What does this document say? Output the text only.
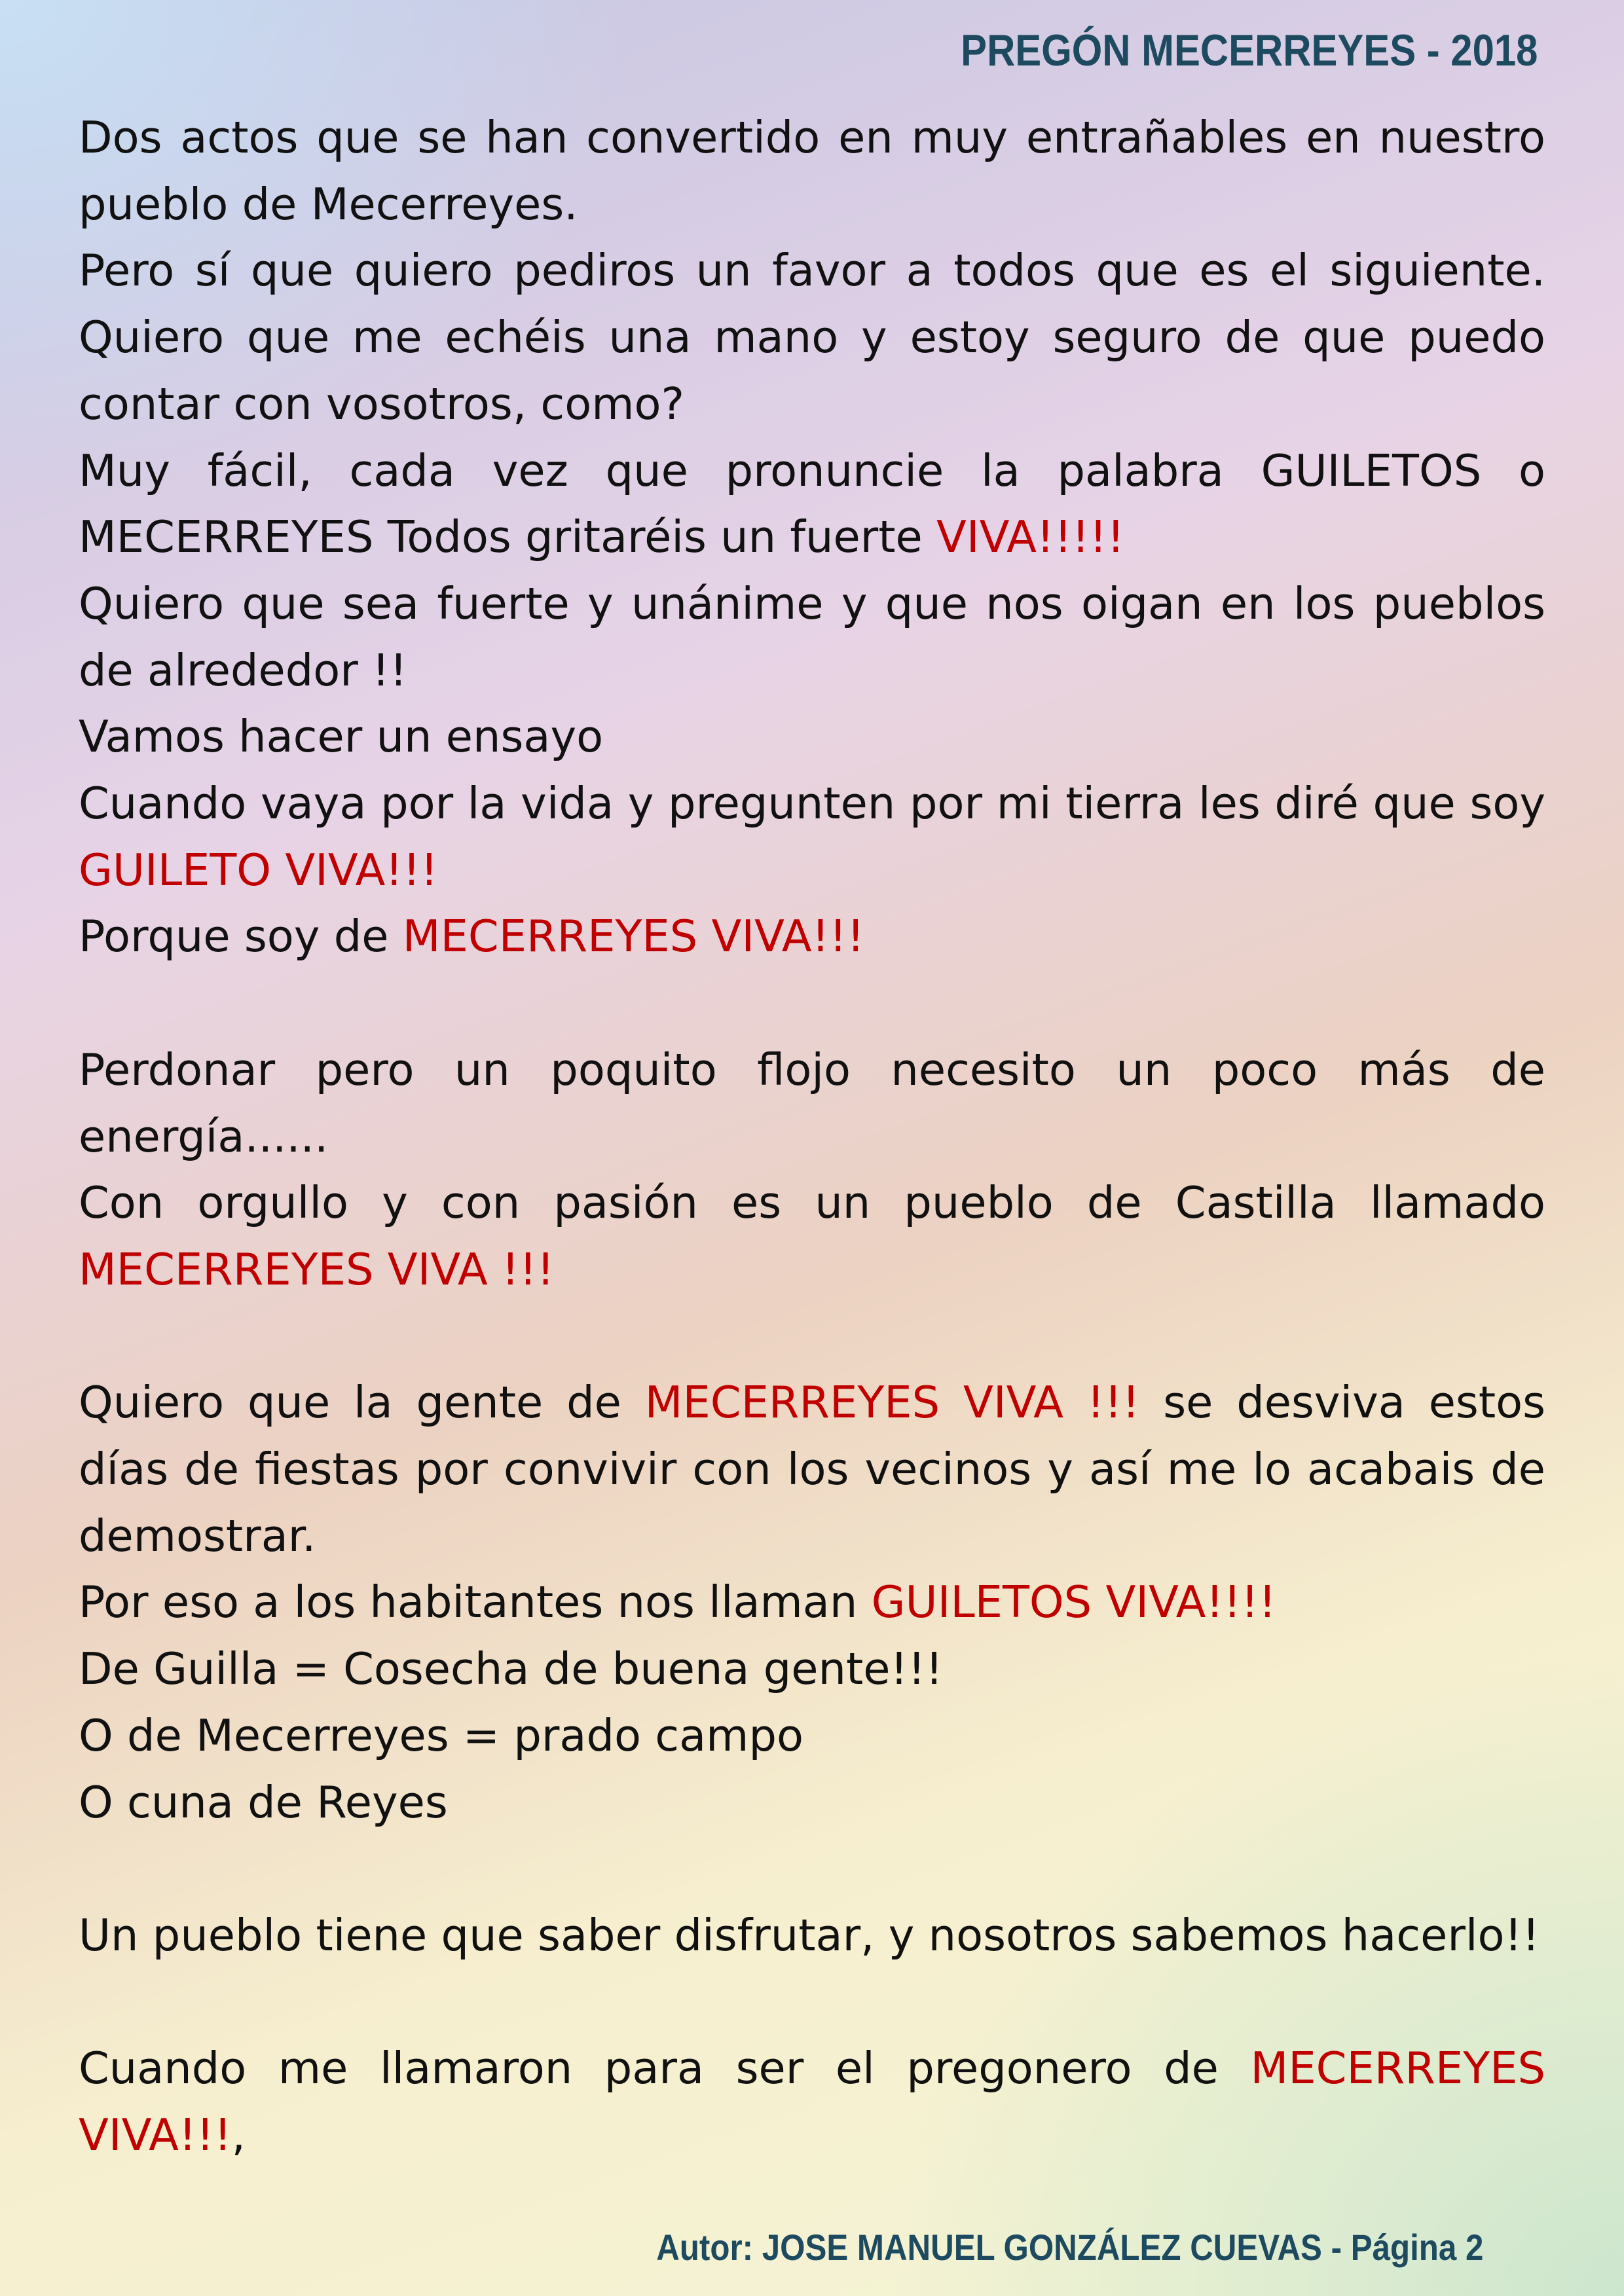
PREGÓN MECERREYES - 2018

Dos actos que se han convertido en muy entrañables en nuestro pueblo de Mecerreyes.

Pero sí que quiero pediros un favor a todos que es el siguiente. Quiero que me echéis una mano y estoy seguro de que puedo contar con vosotros, como?

Muy fácil, cada vez que pronuncie la palabra GUILETOS o MECERREYES Todos gritaréis un fuerte VIVA!!!!!

Quiero que sea fuerte y unánime y que nos oigan en los pueblos de alrededor !!

Vamos hacer un ensayo

Cuando vaya por la vida y pregunten por mi tierra les diré que soy GUILETO VIVA!!!

Porque soy de MECERREYES VIVA!!!

Perdonar pero un poquito flojo necesito un poco más de energía......

Con orgullo y con pasión es un pueblo de Castilla llamado MECERREYES VIVA !!!

Quiero que la gente de MECERREYES VIVA !!! se desviva estos días de fiestas por convivir con los vecinos y así me lo acabais de demostrar.

Por eso a los habitantes nos llaman GUILETOS VIVA!!!!

De Guilla = Cosecha de buena gente!!!

O de Mecerreyes = prado campo

O cuna de Reyes

Un pueblo tiene que saber disfrutar, y nosotros sabemos hacerlo!!

Cuando me llamaron para ser el pregonero de MECERREYES VIVA!!!,

Autor: JOSE MANUEL GONZÁLEZ CUEVAS - Página 2
